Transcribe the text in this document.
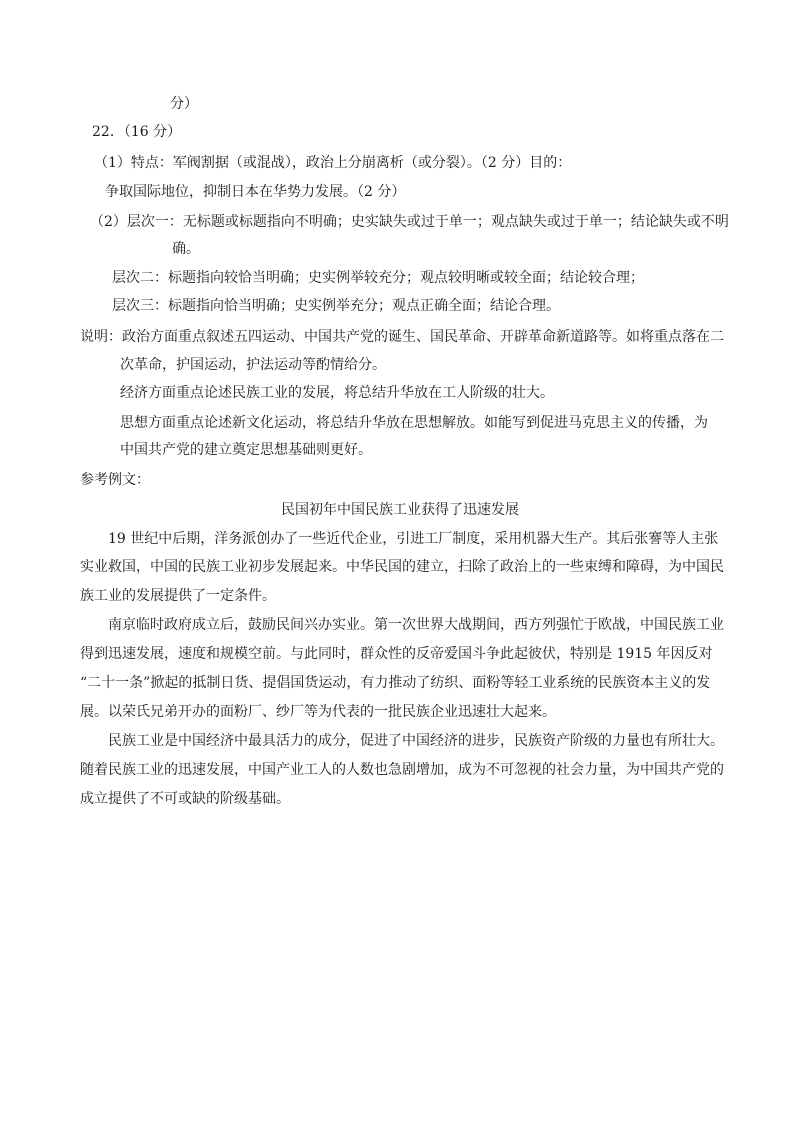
分）
22．（16 分）
（1）特点：军阀割据（或混战），政治上分崩离析（或分裂）。（2 分）目的：
争取国际地位，抑制日本在华势力发展。（2 分）
（2）层次一：无标题或标题指向不明确；史实缺失或过于单一；观点缺失或过于单一；结论缺失或不明
确。
层次二：标题指向较恰当明确；史实例举较充分；观点较明晰或较全面；结论较合理；
层次三：标题指向恰当明确；史实例举充分；观点正确全面；结论合理。
说明：政治方面重点叙述五四运动、中国共产党的诞生、国民革命、开辟革命新道路等。如将重点落在二
次革命，护国运动，护法运动等酌情给分。
经济方面重点论述民族工业的发展，将总结升华放在工人阶级的壮大。
思想方面重点论述新文化运动，将总结升华放在思想解放。如能写到促进马克思主义的传播，为
中国共产党的建立奠定思想基础则更好。
参考例文：
民国初年中国民族工业获得了迅速发展
19 世纪中后期，洋务派创办了一些近代企业，引进工厂制度，采用机器大生产。其后张謇等人主张
实业救国，中国的民族工业初步发展起来。中华民国的建立，扫除了政治上的一些束缚和障碍，为中国民
族工业的发展提供了一定条件。
南京临时政府成立后，鼓励民间兴办实业。第一次世界大战期间，西方列强忙于欧战，中国民族工业
得到迅速发展，速度和规模空前。与此同时，群众性的反帝爱国斗争此起彼伏，特别是 1915 年因反对
“二十一条”掀起的抵制日货、提倡国货运动，有力推动了纺织、面粉等轻工业系统的民族资本主义的发
展。以荣氏兄弟开办的面粉厂、纱厂等为代表的一批民族企业迅速壮大起来。
民族工业是中国经济中最具活力的成分，促进了中国经济的进步，民族资产阶级的力量也有所壮大。
随着民族工业的迅速发展，中国产业工人的人数也急剧增加，成为不可忽视的社会力量，为中国共产党的
成立提供了不可或缺的阶级基础。
